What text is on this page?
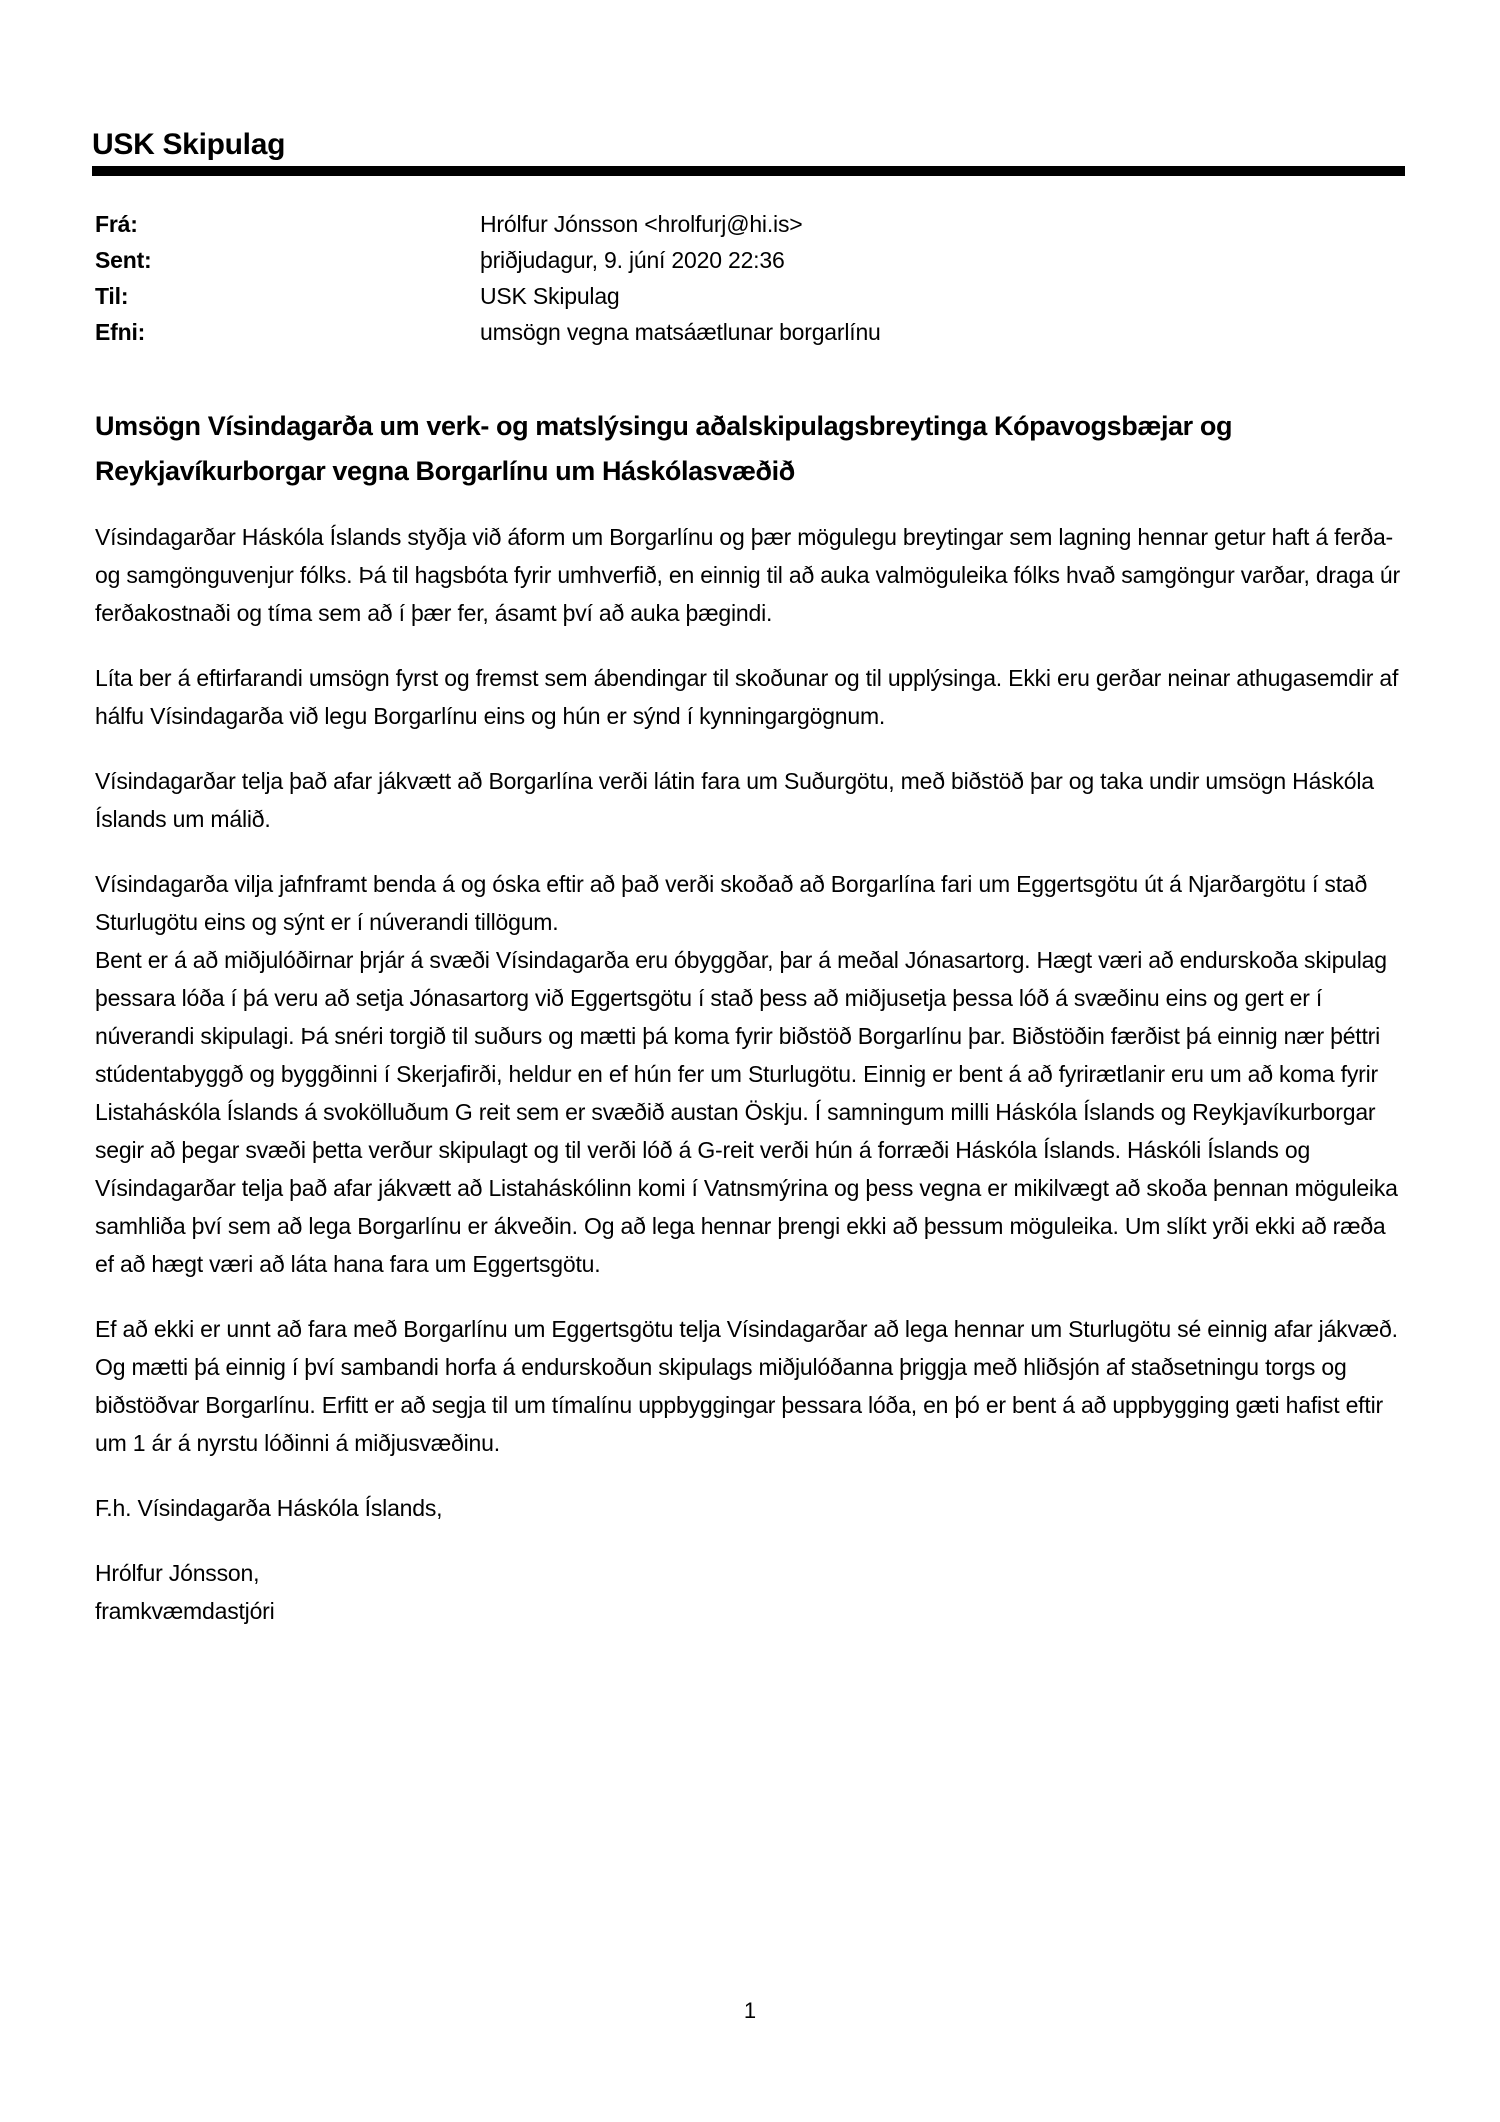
USK Skipulag
Frá:	Hrólfur Jónsson <hrolfurj@hi.is>
Sent:	þriðjudagur, 9. júní 2020 22:36
Til:	USK Skipulag
Efni:	umsögn vegna matsáætlunar borgarlínu
Umsögn Vísindagarða um verk- og matslýsingu aðalskipulagsbreytinga Kópavogsbæjar og Reykjavíkurborgar vegna Borgarlínu um Háskólasvæðið

Vísindagarðar Háskóla Íslands styðja við áform um Borgarlínu og þær mögulegu breytingar sem lagning hennar getur haft á ferða- og samgönguvenjur fólks. Þá til hagsbóta fyrir umhverfið, en einnig til að auka valmöguleika fólks hvað samgöngur varðar, draga úr ferðakostnaði og tíma sem að í þær fer, ásamt því að auka þægindi.

Líta ber á eftirfarandi umsögn fyrst og fremst sem ábendingar til skoðunar og til upplýsinga. Ekki eru gerðar neinar athugasemdir af hálfu Vísindagarða við legu Borgarlínu eins og hún er sýnd í kynningargögnum.

Vísindagarðar telja það afar jákvætt að Borgarlína verði látin fara um Suðurgötu, með biðstöð þar og taka undir umsögn Háskóla Íslands um málið.

Vísindagarða vilja jafnframt benda á og óska eftir að það verði skoðað að Borgarlína fari um Eggertsgötu út á Njarðargötu í stað Sturlugötu eins og sýnt er í núverandi tillögum.

Bent er á að miðjulóðirnar þrjár á svæði Vísindagarða eru óbyggðar, þar á meðal Jónasartorg. Hægt væri að endurskoða skipulag þessara lóða í þá veru að setja Jónasartorg við Eggertsgötu í stað þess að miðjusetja þessa lóð á svæðinu eins og gert er í núverandi skipulagi. Þá snéri torgið til suðurs og mætti þá koma fyrir biðstöð Borgarlínu þar. Biðstöðin færðist þá einnig nær þéttri stúdentabyggð og byggðinni í Skerjafirði, heldur en ef hún fer um Sturlugötu. Einnig er bent á að fyrirætlanir eru um að koma fyrir Listaháskóla Íslands á svokölluðum G reit sem er svæðið austan Öskju. Í samningum milli Háskóla Íslands og Reykjavíkurborgar segir að þegar svæði þetta verður skipulagt og til verði lóð á G-reit verði hún á forræði Háskóla Íslands. Háskóli Íslands og Vísindagarðar telja það afar jákvætt að Listaháskólinn komi í Vatnsmýrina og þess vegna er mikilvægt að skoða þennan möguleika samhliða því sem að lega Borgarlínu er ákveðin. Og að lega hennar þrengi ekki að þessum möguleika. Um slíkt yrði ekki að ræða ef að hægt væri að láta hana fara um Eggertsgötu.

Ef að ekki er unnt að fara með Borgarlínu um Eggertsgötu telja Vísindagarðar að lega hennar um Sturlugötu sé einnig afar jákvæð. Og mætti þá einnig í því sambandi horfa á endurskoðun skipulags miðjulóðanna þriggja með hliðsjón af staðsetningu torgs og biðstöðvar Borgarlínu. Erfitt er að segja til um tímalínu uppbyggingar þessara lóða, en þó er bent á að uppbygging gæti hafist eftir um 1 ár á nyrstu lóðinni á miðjusvæðinu.

F.h. Vísindagarða Háskóla Íslands,

Hrólfur Jónsson,

framkvæmdastjóri

1
